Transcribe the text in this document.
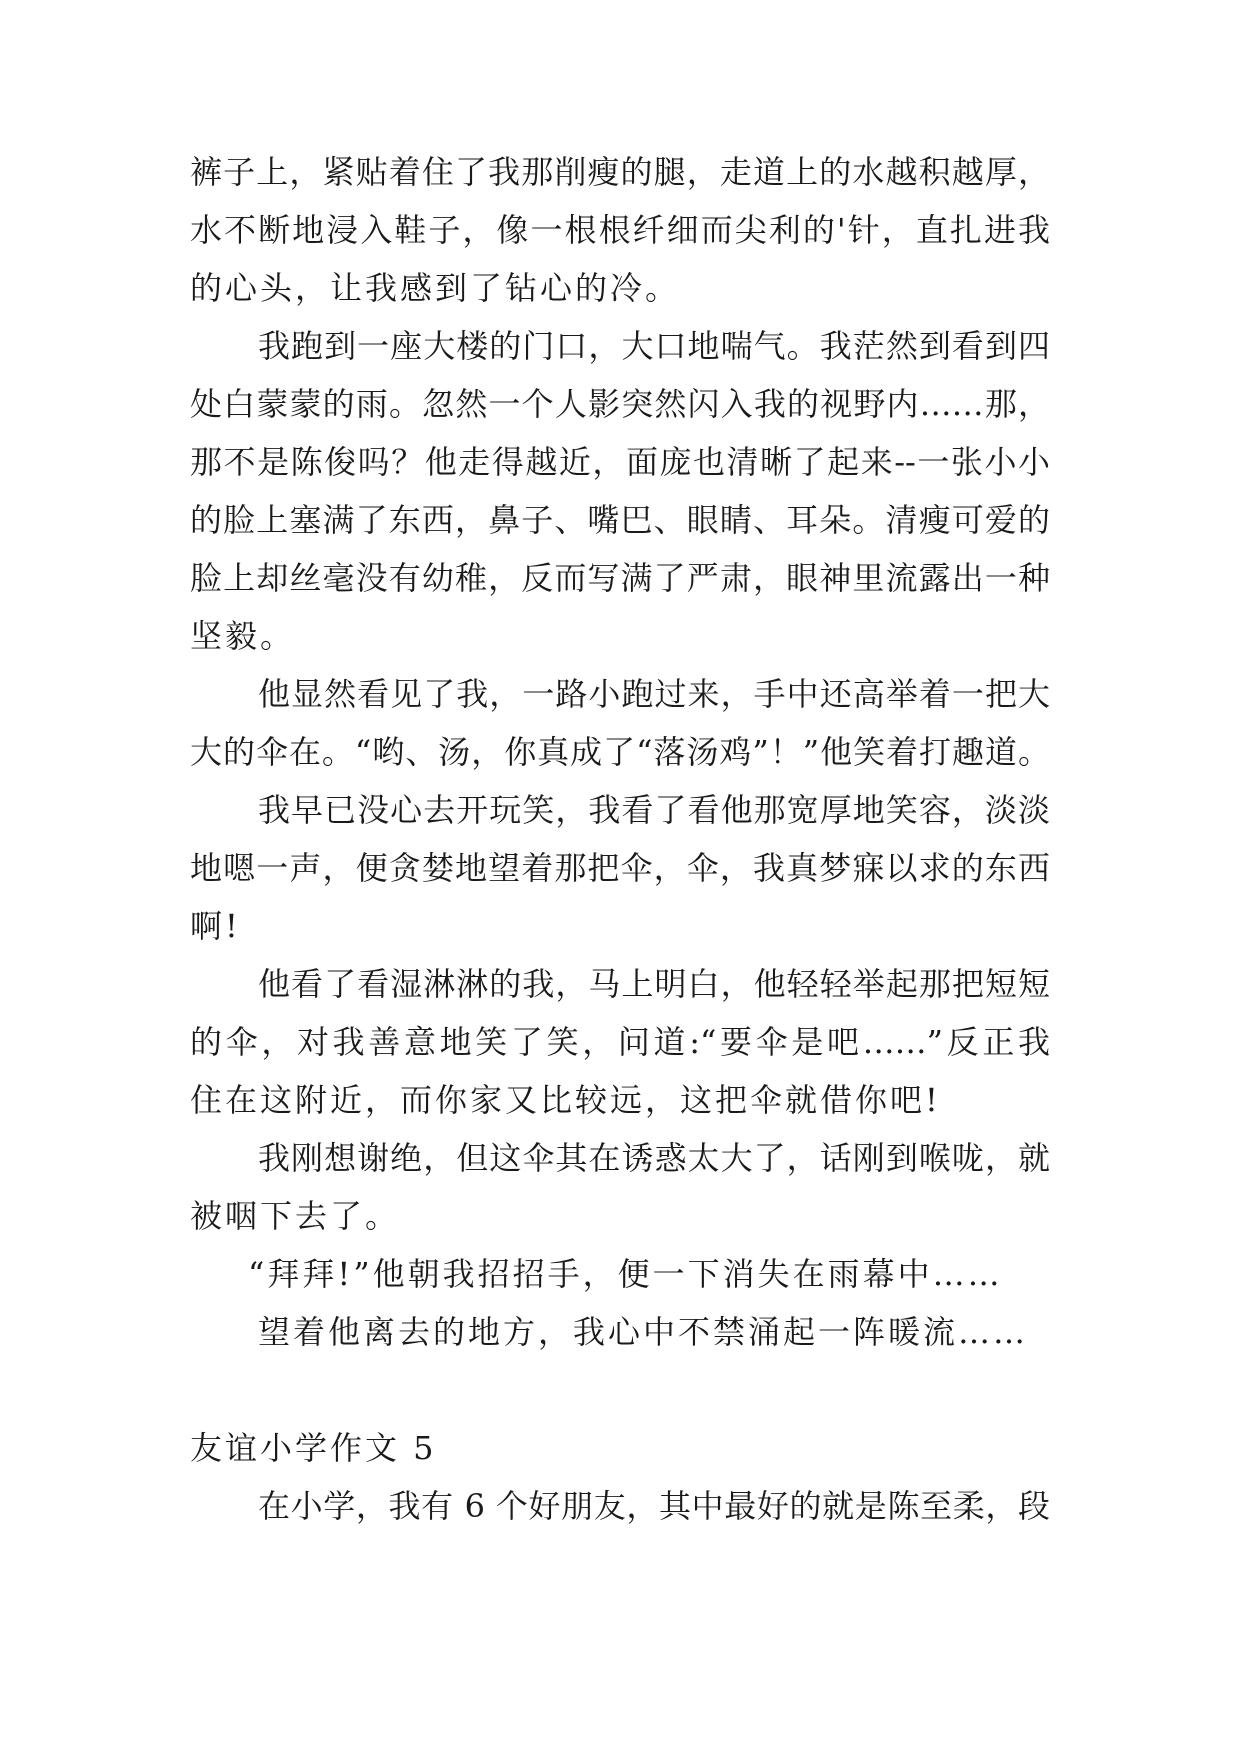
裤子上，紧贴着住了我那削瘦的腿，走道上的水越积越厚，
水不断地浸入鞋子，像一根根纤细而尖利的'针，直扎进我
的心头，让我感到了钻心的冷。
我跑到一座大楼的门口，大口地喘气。我茫然到看到四
处白蒙蒙的雨。忽然一个人影突然闪入我的视野内……那，
那不是陈俊吗？他走得越近，面庞也清晰了起来--一张小小
的脸上塞满了东西，鼻子、嘴巴、眼睛、耳朵。清瘦可爱的
脸上却丝毫没有幼稚，反而写满了严肃，眼神里流露出一种
坚毅。
他显然看见了我，一路小跑过来，手中还高举着一把大
大的伞在。“哟、汤，你真成了“落汤鸡”！”他笑着打趣道。
我早已没心去开玩笑，我看了看他那宽厚地笑容，淡淡
地嗯一声，便贪婪地望着那把伞，伞，我真梦寐以求的东西
啊!
他看了看湿淋淋的我，马上明白，他轻轻举起那把短短
的伞，对我善意地笑了笑，问道:“要伞是吧……”反正我
住在这附近，而你家又比较远，这把伞就借你吧!
我刚想谢绝，但这伞其在诱惑太大了，话刚到喉咙，就
被咽下去了。
“拜拜!”他朝我招招手，便一下消失在雨幕中……
望着他离去的地方，我心中不禁涌起一阵暖流……
友谊小学作文 5
在小学，我有 6 个好朋友，其中最好的就是陈至柔，段
